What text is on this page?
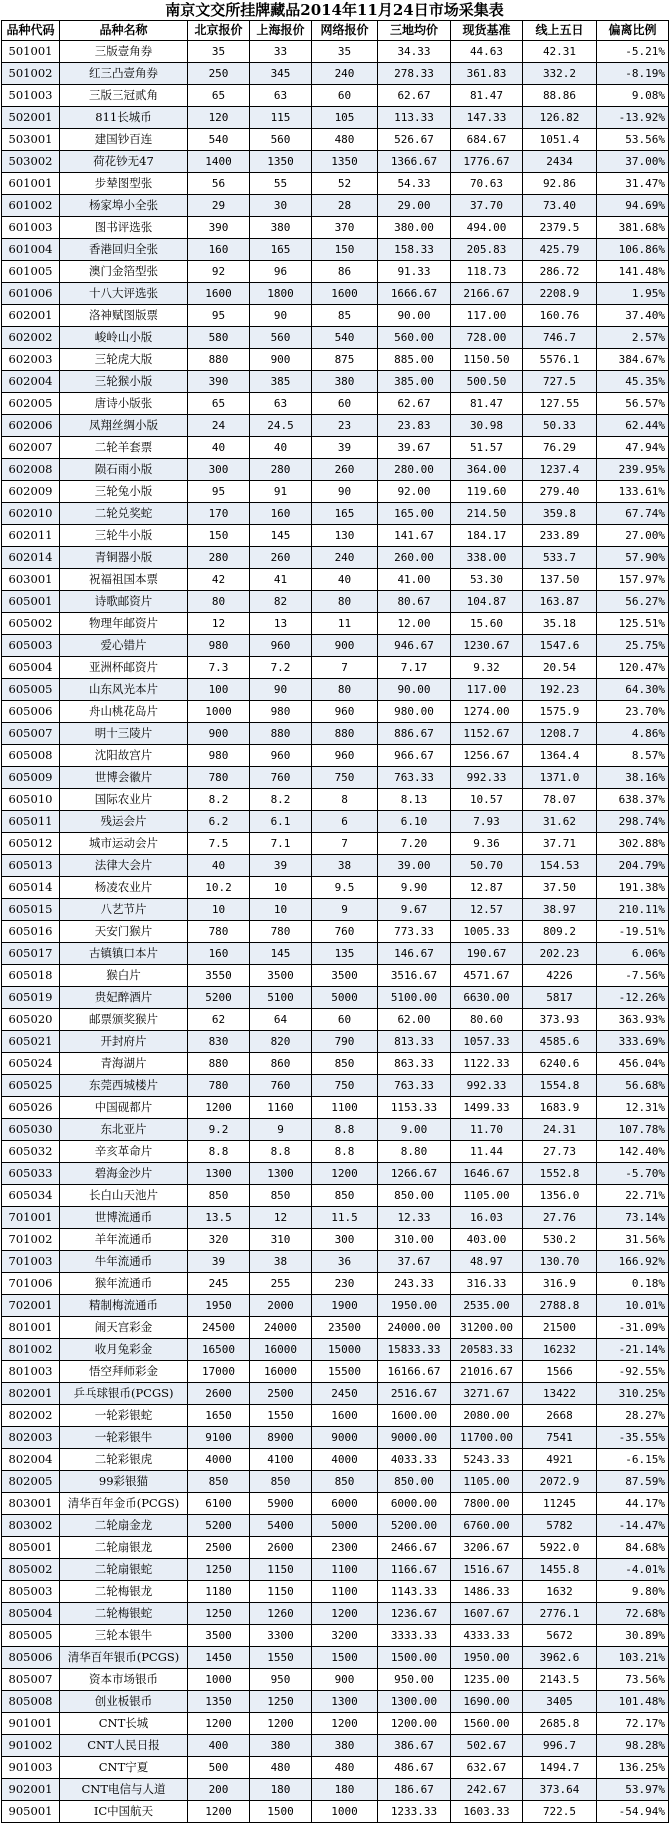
南京文交所挂牌藏品2014年11月24日市场采集表
品种代码	品种名称	北京报价	上海报价	网络报价	三地均价	现货基准	线上五日	偏离比例
501001	三版壹角券	35	33	35	34.33	44.63	42.31	-5.21%
501002	红三凸壹角券	250	345	240	278.33	361.83	332.2	-8.19%
501003	三版三冠贰角	65	63	60	62.67	81.47	88.86	9.08%
502001	811长城币	120	115	105	113.33	147.33	126.82	-13.92%
503001	建国钞百连	540	560	480	526.67	684.67	1051.4	53.56%
503002	荷花钞无47	1400	1350	1350	1366.67	1776.67	2434	37.00%
601001	步辇图型张	56	55	52	54.33	70.63	92.86	31.47%
601002	杨家埠小全张	29	30	28	29.00	37.70	73.40	94.69%
601003	图书评选张	390	380	370	380.00	494.00	2379.5	381.68%
601004	香港回归全张	160	165	150	158.33	205.83	425.79	106.86%
601005	澳门金箔型张	92	96	86	91.33	118.73	286.72	141.48%
601006	十八大评选张	1600	1800	1600	1666.67	2166.67	2208.9	1.95%
602001	洛神赋图版票	95	90	85	90.00	117.00	160.76	37.40%
602002	峻岭山小版	580	560	540	560.00	728.00	746.7	2.57%
602003	三轮虎大版	880	900	875	885.00	1150.50	5576.1	384.67%
602004	三轮猴小版	390	385	380	385.00	500.50	727.5	45.35%
602005	唐诗小版张	65	63	60	62.67	81.47	127.55	56.57%
602006	凤翔丝绸小版	24	24.5	23	23.83	30.98	50.33	62.44%
602007	二轮羊套票	40	40	39	39.67	51.57	76.29	47.94%
602008	陨石雨小版	300	280	260	280.00	364.00	1237.4	239.95%
602009	三轮兔小版	95	91	90	92.00	119.60	279.40	133.61%
602010	二轮兑奖蛇	170	160	165	165.00	214.50	359.8	67.74%
602011	三轮牛小版	150	145	130	141.67	184.17	233.89	27.00%
602014	青铜器小版	280	260	240	260.00	338.00	533.7	57.90%
603001	祝福祖国本票	42	41	40	41.00	53.30	137.50	157.97%
605001	诗歌邮资片	80	82	80	80.67	104.87	163.87	56.27%
605002	物理年邮资片	12	13	11	12.00	15.60	35.18	125.51%
605003	爱心错片	980	960	900	946.67	1230.67	1547.6	25.75%
605004	亚洲杯邮资片	7.3	7.2	7	7.17	9.32	20.54	120.47%
605005	山东风光本片	100	90	80	90.00	117.00	192.23	64.30%
605006	舟山桃花岛片	1000	980	960	980.00	1274.00	1575.9	23.70%
605007	明十三陵片	900	880	880	886.67	1152.67	1208.7	4.86%
605008	沈阳故宫片	980	960	960	966.67	1256.67	1364.4	8.57%
605009	世博会徽片	780	760	750	763.33	992.33	1371.0	38.16%
605010	国际农业片	8.2	8.2	8	8.13	10.57	78.07	638.37%
605011	残运会片	6.2	6.1	6	6.10	7.93	31.62	298.74%
605012	城市运动会片	7.5	7.1	7	7.20	9.36	37.71	302.88%
605013	法律大会片	40	39	38	39.00	50.70	154.53	204.79%
605014	杨凌农业片	10.2	10	9.5	9.90	12.87	37.50	191.38%
605015	八艺节片	10	10	9	9.67	12.57	38.97	210.11%
605016	天安门猴片	780	780	760	773.33	1005.33	809.2	-19.51%
605017	古镇镇口本片	160	145	135	146.67	190.67	202.23	6.06%
605018	猴白片	3550	3500	3500	3516.67	4571.67	4226	-7.56%
605019	贵妃醉酒片	5200	5100	5000	5100.00	6630.00	5817	-12.26%
605020	邮票颁奖猴片	62	64	60	62.00	80.60	373.93	363.93%
605021	开封府片	830	820	790	813.33	1057.33	4585.6	333.69%
605024	青海湖片	880	860	850	863.33	1122.33	6240.6	456.04%
605025	东莞西城楼片	780	760	750	763.33	992.33	1554.8	56.68%
605026	中国砚都片	1200	1160	1100	1153.33	1499.33	1683.9	12.31%
605030	东北亚片	9.2	9	8.8	9.00	11.70	24.31	107.78%
605032	辛亥革命片	8.8	8.8	8.8	8.80	11.44	27.73	142.40%
605033	碧海金沙片	1300	1300	1200	1266.67	1646.67	1552.8	-5.70%
605034	长白山天池片	850	850	850	850.00	1105.00	1356.0	22.71%
701001	世博流通币	13.5	12	11.5	12.33	16.03	27.76	73.14%
701002	羊年流通币	320	310	300	310.00	403.00	530.2	31.56%
701003	牛年流通币	39	38	36	37.67	48.97	130.70	166.92%
701006	猴年流通币	245	255	230	243.33	316.33	316.9	0.18%
702001	精制梅流通币	1950	2000	1900	1950.00	2535.00	2788.8	10.01%
801001	闹天宫彩金	24500	24000	23500	24000.00	31200.00	21500	-31.09%
801002	收月兔彩金	16500	16000	15000	15833.33	20583.33	16232	-21.14%
801003	悟空拜师彩金	17000	16000	15500	16166.67	21016.67	1566	-92.55%
802001	乒乓球银币(PCGS)	2600	2500	2450	2516.67	3271.67	13422	310.25%
802002	一轮彩银蛇	1650	1550	1600	1600.00	2080.00	2668	28.27%
802003	一轮彩银牛	9100	8900	9000	9000.00	11700.00	7541	-35.55%
802004	二轮彩银虎	4000	4100	4000	4033.33	5243.33	4921	-6.15%
802005	99彩银猫	850	850	850	850.00	1105.00	2072.9	87.59%
803001	清华百年金币(PCGS)	6100	5900	6000	6000.00	7800.00	11245	44.17%
803002	二轮扇金龙	5200	5400	5000	5200.00	6760.00	5782	-14.47%
805001	二轮扇银龙	2500	2600	2300	2466.67	3206.67	5922.0	84.68%
805002	二轮扇银蛇	1250	1150	1100	1166.67	1516.67	1455.8	-4.01%
805003	二轮梅银龙	1180	1150	1100	1143.33	1486.33	1632	9.80%
805004	二轮梅银蛇	1250	1260	1200	1236.67	1607.67	2776.1	72.68%
805005	三轮本银牛	3500	3300	3200	3333.33	4333.33	5672	30.89%
805006	清华百年银币(PCGS)	1450	1550	1500	1500.00	1950.00	3962.6	103.21%
805007	资本市场银币	1000	950	900	950.00	1235.00	2143.5	73.56%
805008	创业板银币	1350	1250	1300	1300.00	1690.00	3405	101.48%
901001	CNT长城	1200	1200	1200	1200.00	1560.00	2685.8	72.17%
901002	CNT人民日报	400	380	380	386.67	502.67	996.7	98.28%
901003	CNT宁夏	500	480	480	486.67	632.67	1494.7	136.25%
902001	CNT电信与人道	200	180	180	186.67	242.67	373.64	53.97%
905001	IC中国航天	1200	1500	1000	1233.33	1603.33	722.5	-54.94%
